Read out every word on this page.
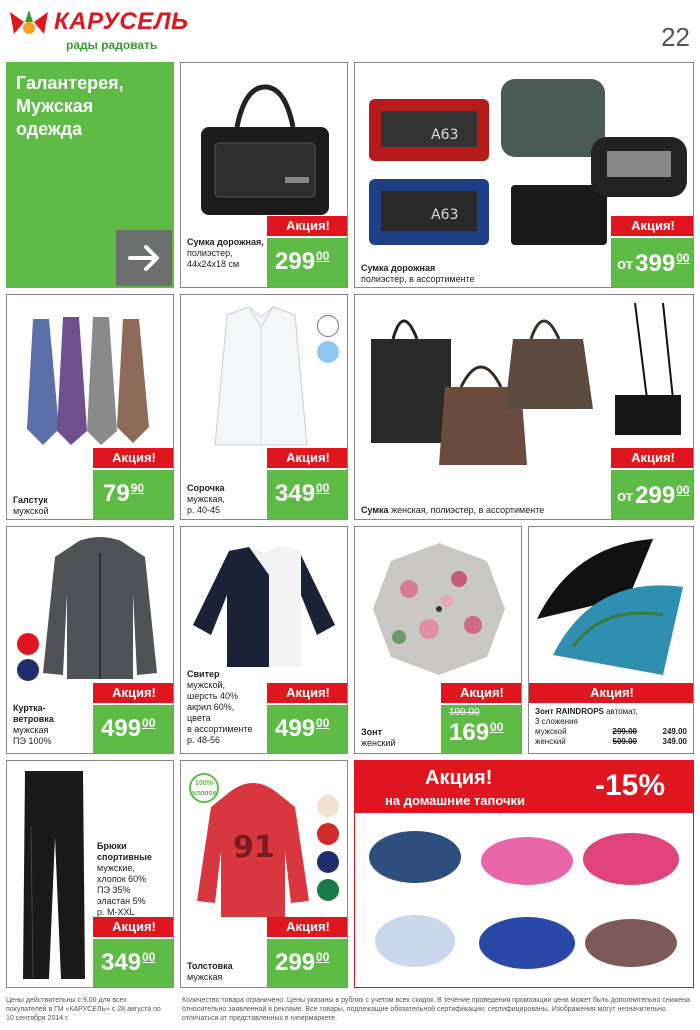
КАРУСЕЛЬ
рады радовать	22
Галантерея,
Мужская
одежда
Акция!
$299^{00}$
Сумка дорожная,
полиэстер,
44х24х18 см
A63
A63
Акция!
$от399^{00}$
Сумка дорожная
полиэстер, в ассортименте
Акция!
$79^{90}$
Галстук
мужской
Акция!
$349^{00}$
Сорочка
мужская,
р. 40-45
Акция!
$от299^{00}$
Сумка женская, полиэстер, в ассортименте
Акция!
$499^{00}$
Куртка-
ветровка
мужская
ПЭ 100%
Акция!
$499^{00}$
Свитер
мужской,
шерсть 40%
акрил 60%,
цвета
в ассортименте
р. 48-56
Акция!
$169^{00}$
199.00
Зонт
женский
Акция!
Зонт RAINDROPS автомат,
3 сложения
мужской	299.00	249.00
женский	509.00	349.00
Акция!
$349^{00}$
Брюки
спортивные
мужские,
хлопок 60%
ПЭ 35%
эластан 5%
р. M-XXL
91
100%
хлопок
Акция!
$299^{00}$
Толстовка
мужская
Акция!
на домашние тапочки -15%
Цены действительны с 9.00 для всех покупателей в ГМ «КАРУСЕЛЬ» с 28 августа по 10 сентября 2014 г.
Количество товара ограничено. Цены указаны в рублях с учетом всех скидок. В течение проведения промоакции цена может быть дополнительно снижена относительно заявленной в рекламе. Все товары, подлежащие обязательной сертификации, сертифицированы. Изображения могут незначительно отличаться от представленных в гипермаркете.
